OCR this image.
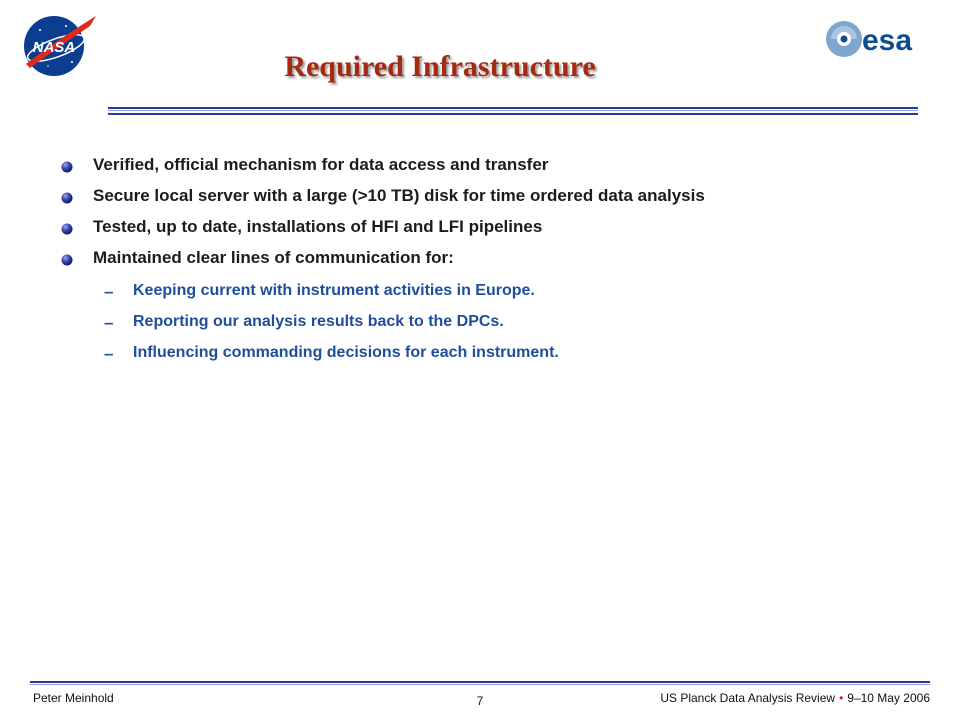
NASA	esa
Required Infrastructure
Verified, official mechanism for data access and transfer
Secure local server with a large (>10 TB) disk for time ordered data analysis
Tested, up to date, installations of HFI and LFI pipelines
Maintained clear lines of communication for:
– Keeping current with instrument activities in Europe.
– Reporting our analysis results back to the DPCs.
– Influencing commanding decisions for each instrument.
Peter Meinhold	7	US Planck Data Analysis Review • 9–10 May 2006
